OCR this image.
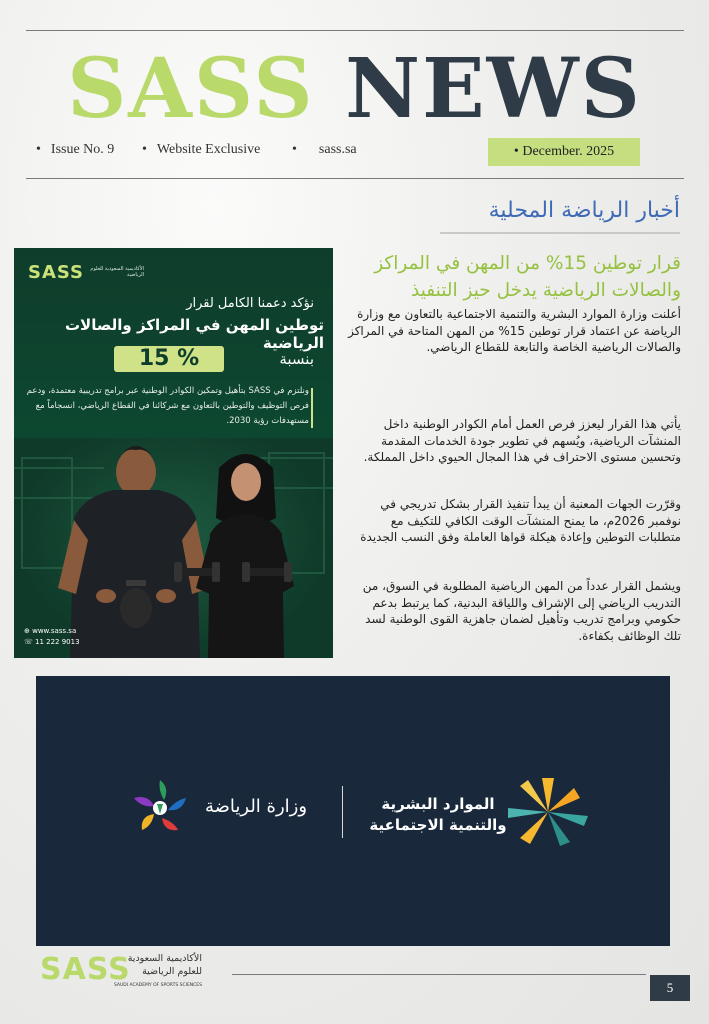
SASS NEWS
• Issue No. 9 • Website Exclusive • sass.sa	• December. 2025
أخبار الرياضة المحلية
SASS	الأكاديمية السعودية للعلوم الرياضية
نؤكد دعمنا الكامل لقرار
توطين المهن في المراكز والصالات الرياضية
بنسبة
15 %
ونلتزم في SASS بتأهيل وتمكين الكوادر الوطنية عبر برامج تدريبية معتمدة، ودعم فرص التوظيف والتوطين بالتعاون مع شركائنا في القطاع الرياضي، انسجاماً مع مستهدفات رؤية 2030.
⊕ www.sass.sa
☏ 11 222 9013
قرار توطين 15% من المهن في المراكز والصالات الرياضية يدخل حيز التنفيذ
أعلنت وزارة الموارد البشرية والتنمية الاجتماعية بالتعاون مع وزارة الرياضة عن اعتماد قرار توطين 15% من المهن المتاحة في المراكز والصالات الرياضية الخاصة والتابعة للقطاع الرياضي.
يأتي هذا القرار ليعزز فرص العمل أمام الكوادر الوطنية داخل المنشآت الرياضية، ويُسهم في تطوير جودة الخدمات المقدمة وتحسين مستوى الاحتراف في هذا المجال الحيوي داخل المملكة.
وقرّرت الجهات المعنية أن يبدأ تنفيذ القرار بشكل تدريجي في نوفمبر 2026م، ما يمنح المنشآت الوقت الكافي للتكيف مع متطلبات التوطين وإعادة هيكلة قواها العاملة وفق النسب الجديدة
ويشمل القرار عدداً من المهن الرياضية المطلوبة في السوق، من التدريب الرياضي إلى الإشراف واللياقة البدنية، كما يرتبط بدعم حكومي وبرامج تدريب وتأهيل لضمان جاهزية القوى الوطنية لسد تلك الوظائف بكفاءة.
الموارد البشرية والتنمية الاجتماعية
وزارة الرياضة
SASS
الأكاديمية السعودية للعلوم الرياضية
SAUDI ACADEMY OF SPORTS SCIENCES	5
